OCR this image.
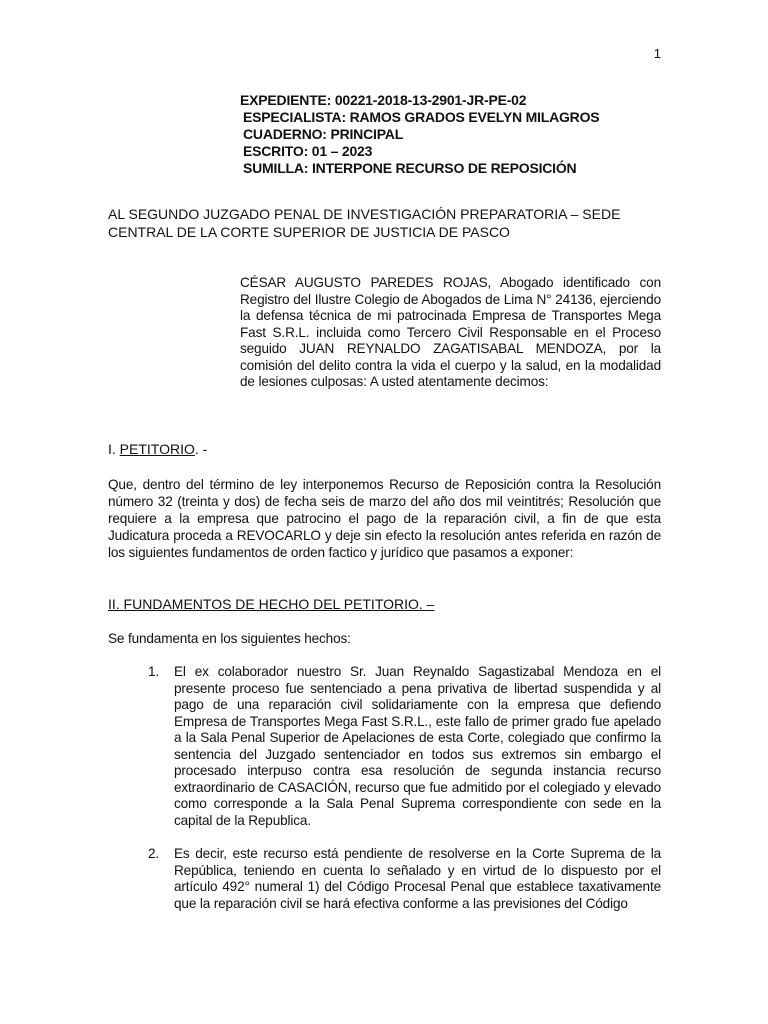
1
EXPEDIENTE: 00221-2018-13-2901-JR-PE-02
ESPECIALISTA: RAMOS GRADOS EVELYN MILAGROS
CUADERNO: PRINCIPAL
ESCRITO: 01 – 2023
SUMILLA: INTERPONE RECURSO DE REPOSICIÓN
AL SEGUNDO JUZGADO PENAL DE INVESTIGACIÓN PREPARATORIA – SEDE CENTRAL DE LA CORTE SUPERIOR DE JUSTICIA DE PASCO
CÉSAR AUGUSTO PAREDES ROJAS, Abogado identificado con Registro del Ilustre Colegio de Abogados de Lima N° 24136, ejerciendo la defensa técnica de mi patrocinada Empresa de Transportes Mega Fast S.R.L. incluida como Tercero Civil Responsable en el Proceso seguido JUAN REYNALDO ZAGATISABAL MENDOZA, por la comisión del delito contra la vida el cuerpo y la salud, en la modalidad de lesiones culposas: A usted atentamente decimos:
I. PETITORIO. -
Que, dentro del término de ley interponemos Recurso de Reposición contra la Resolución número 32 (treinta y dos) de fecha seis de marzo del año dos mil veintitrés; Resolución que requiere a la empresa que patrocino el pago de la reparación civil, a fin de que esta Judicatura proceda a REVOCARLO y deje sin efecto la resolución antes referida en razón de los siguientes fundamentos de orden factico y jurídico que pasamos a exponer:
II. FUNDAMENTOS DE HECHO DEL PETITORIO. –
Se fundamenta en los siguientes hechos:
1. El ex colaborador nuestro Sr. Juan Reynaldo Sagastizabal Mendoza en el presente proceso fue sentenciado a pena privativa de libertad suspendida y al pago de una reparación civil solidariamente con la empresa que defiendo Empresa de Transportes Mega Fast S.R.L., este fallo de primer grado fue apelado a la Sala Penal Superior de Apelaciones de esta Corte, colegiado que confirmo la sentencia del Juzgado sentenciador en todos sus extremos sin embargo el procesado interpuso contra esa resolución de segunda instancia recurso extraordinario de CASACIÓN, recurso que fue admitido por el colegiado y elevado como corresponde a la Sala Penal Suprema correspondiente con sede en la capital de la Republica.
2. Es decir, este recurso está pendiente de resolverse en la Corte Suprema de la República, teniendo en cuenta lo señalado y en virtud de lo dispuesto por el artículo 492° numeral 1) del Código Procesal Penal que establece taxativamente que la reparación civil se hará efectiva conforme a las previsiones del Código
